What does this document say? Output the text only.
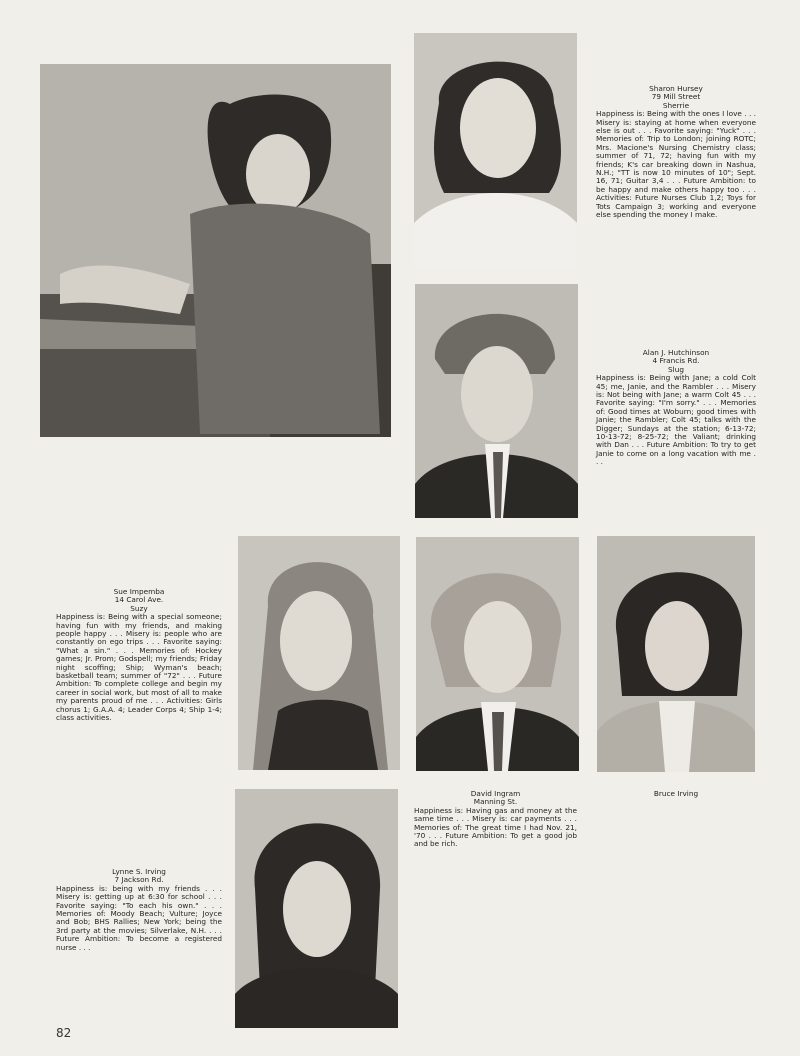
Sharon Hursey
79 Mill Street
Sherrie
Happiness is: Being with the ones I love . . . Misery is: staying at home when everyone else is out . . . Favorite saying: "Yuck" . . . Memories of: Trip to London; joining ROTC; Mrs. Macione's Nursing Chemistry class; summer of 71, 72; having fun with my friends; K's car breaking down in Nashua, N.H.; "TT is now 10 minutes of 10"; Sept. 16, 71; Guitar 3,4 . . . Future Ambition: to be happy and make others happy too . . . Activities: Future Nurses Club 1,2; Toys for Tots Campaign 3; working and everyone else spending the money I make.
Alan J. Hutchinson
4 Francis Rd.
Slug
Happiness is: Being with Jane; a cold Colt 45; me, Janie, and the Rambler . . . Misery is: Not being with Jane; a warm Colt 45 . . . Favorite saying: "I'm sorry." . . . Memories of: Good times at Woburn; good times with Janie; the Rambler; Colt 45; talks with the Digger; Sundays at the station; 6-13-72; 10-13-72; 8-25-72; the Valiant; drinking with Dan . . . Future Ambition: To try to get Janie to come on a long vacation with me . . .
Sue Impemba
14 Carol Ave.
Suzy
Happiness is: Being with a special someone; having fun with my friends, and making people happy . . . Misery is: people who are constantly on ego trips . . . Favorite saying: "What a sin." . . . Memories of: Hockey games; Jr. Prom; Godspell; my friends; Friday night scoffing; Ship; Wyman's beach; basketball team; summer of "72" . . . Future Ambition: To complete college and begin my career in social work, but most of all to make my parents proud of me . . . Activities: Girls chorus 1; G.A.A. 4; Leader Corps 4; Ship 1-4; class activities.
David Ingram
Manning St.
Happiness is: Having gas and money at the same time . . . Misery is: car payments . . . Memories of: The great time I had Nov. 21, '70 . . . Future Ambition: To get a good job and be rich.
Bruce Irving
Lynne S. Irving
7 Jackson Rd.
Happiness is: being with my friends . . . Misery is: getting up at 6:30 for school . . . Favorite saying: "To each his own." . . . Memories of: Moody Beach; Vulture; Joyce and Bob; BHS Rallies; New York; being the 3rd party at the movies; Silverlake, N.H. . . . Future Ambition: To become a registered nurse . . .
82
